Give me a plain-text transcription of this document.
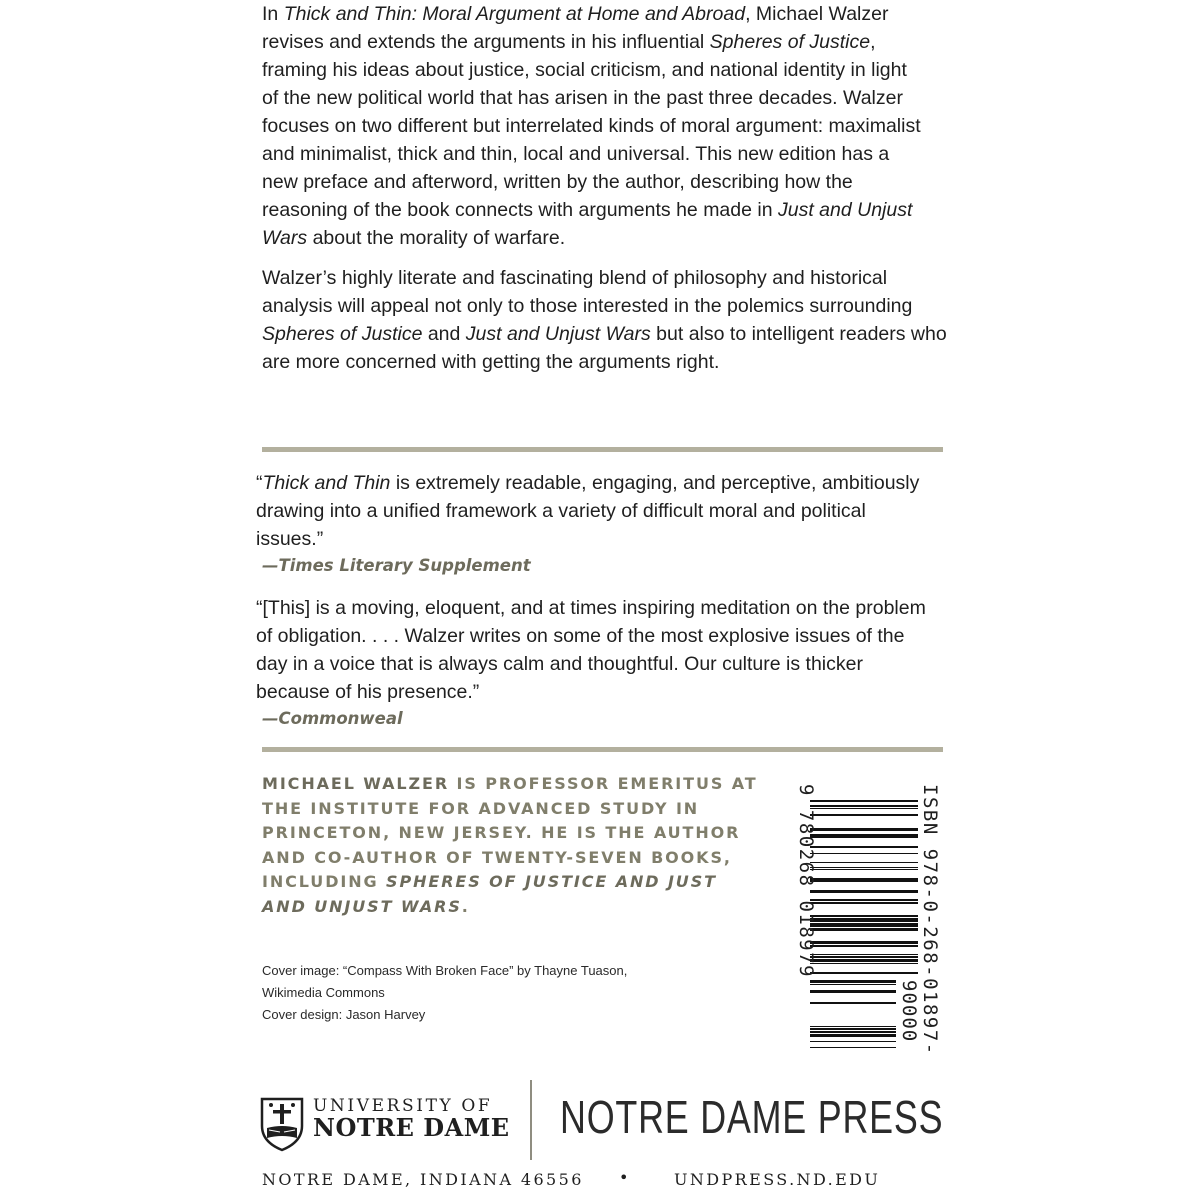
In Thick and Thin: Moral Argument at Home and Abroad, Michael Walzer revises and extends the arguments in his influential Spheres of Justice, framing his ideas about justice, social criticism, and national identity in light of the new political world that has arisen in the past three decades. Walzer focuses on two different but interrelated kinds of moral argument: maximalist and minimalist, thick and thin, local and universal. This new edition has a new preface and afterword, written by the author, describing how the reasoning of the book connects with arguments he made in Just and Unjust Wars about the morality of warfare.

Walzer’s highly literate and fascinating blend of philosophy and historical analysis will appeal not only to those interested in the polemics surrounding Spheres of Justice and Just and Unjust Wars but also to intelligent readers who are more concerned with getting the arguments right.

“Thick and Thin is extremely readable, engaging, and perceptive, ambitiously drawing into a unified framework a variety of difficult moral and political issues.”

—Times Literary Supplement

“[This] is a moving, eloquent, and at times inspiring meditation on the problem of obligation. . . . Walzer writes on some of the most explosive issues of the day in a voice that is always calm and thoughtful. Our culture is thicker because of his presence.”

—Commonweal
MICHAEL WALZER IS PROFESSOR EMERITUS AT THE INSTITUTE FOR ADVANCED STUDY IN PRINCETON, NEW JERSEY. HE IS THE AUTHOR AND CO-AUTHOR OF TWENTY-SEVEN BOOKS, INCLUDING SPHERES OF JUSTICE AND JUST AND UNJUST WARS.
Cover image: “Compass With Broken Face” by Thayne Tuason,
Wikimedia Commons
Cover design: Jason Harvey
9 780268 018979	ISBN 978-0-268-01897-9
90000
UNIVERSITY OF
NOTRE DAME NOTRE DAME PRESS
NOTRE DAME, INDIANA 46556 •	UNDPRESS.ND.EDU
